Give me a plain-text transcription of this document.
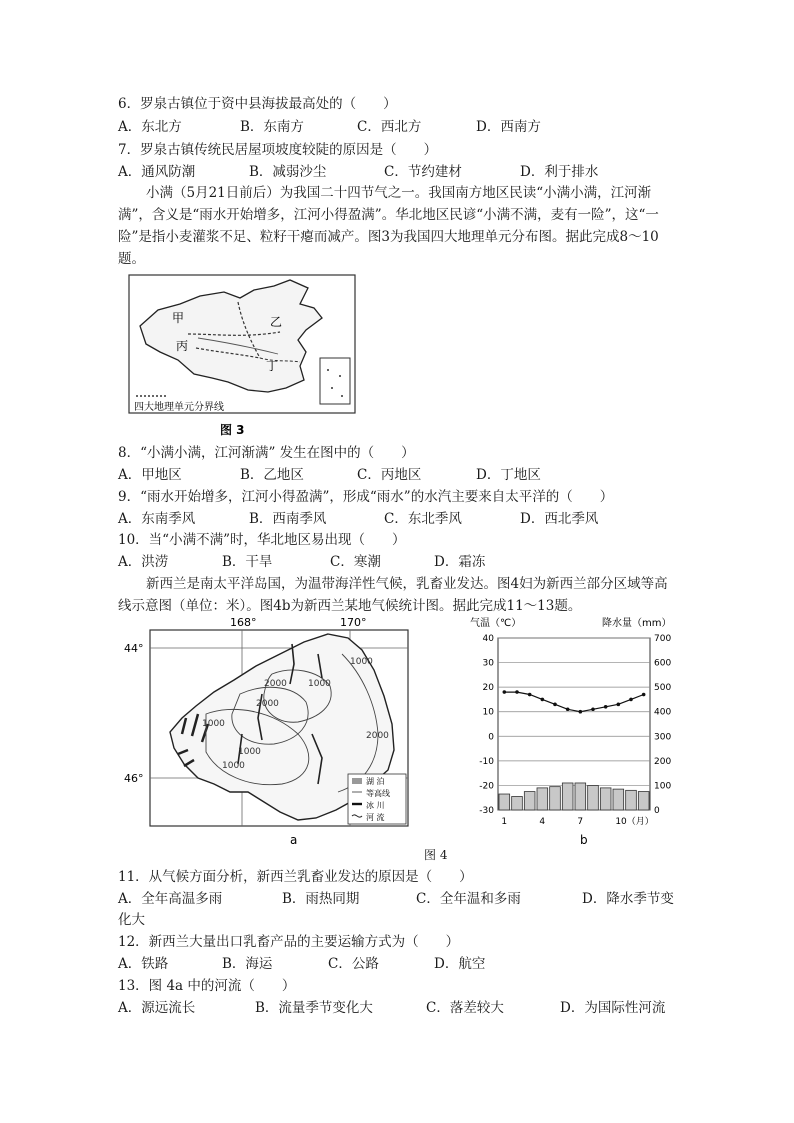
6．罗泉古镇位于资中县海拔最高处的（　　）
A．东北方	B．东南方	C．西北方	D．西南方
7．罗泉古镇传统民居屋项坡度较陡的原因是（　　）
A．通风防潮	B．减弱沙尘	C．节约建材	D．利于排水
小满（5月21日前后）为我国二十四节气之一。我国南方地区民读“小满小满，江河渐满”，含义是“雨水开始增多，江河小得盈满”。华北地区民谚“小满不满，麦有一险”，这“一险”是指小麦灌浆不足、粒籽干瘪而减产。图3为我国四大地理单元分布图。据此完成8～10题。
甲	乙
丙
丁
四大地理单元分界线
图 3
8．“小满小满，江河渐满” 发生在图中的（　　）
A．甲地区	B．乙地区	C．丙地区	D．丁地区
9．“雨水开始增多，江河小得盈满”，形成“雨水”的水汽主要来自太平洋的（　　）
A．东南季风	B．西南季风	C．东北季风	D．西北季风
10．当“小满不满”时，华北地区易出现（　　）
A．洪涝	B．干旱	C．寒潮	D．霜冻
新西兰是南太平洋岛国，为温带海洋性气候，乳畜业发达。图4妇为新西兰部分区域等高线示意图（单位：米）。图4b为新西兰某地气候统计图。据此完成11～13题。
168°	170°
44°
46°
1000
2000 1000
2000
1000
1000
2000
1000
湖 泊
等高线
冰 川
河 流
a
气温（℃）	降水量（mm）
40
30
20
10
0
-10
-20
-30
700
600
500
400
300
200
100
0
1	4	7	10（月）
b
图 4
11．从气候方面分析，新西兰乳畜业发达的原因是（　　）
A．全年高温多雨	B．雨热同期	C．全年温和多雨	D．降水季节变
化大
12．新西兰大量出口乳畜产品的主要运输方式为（　　）
A．铁路	B．海运	C．公路	D．航空
13．图 4a 中的河流（　　）
A．源远流长	B．流量季节变化大	C．落差较大	D．为国际性河流
